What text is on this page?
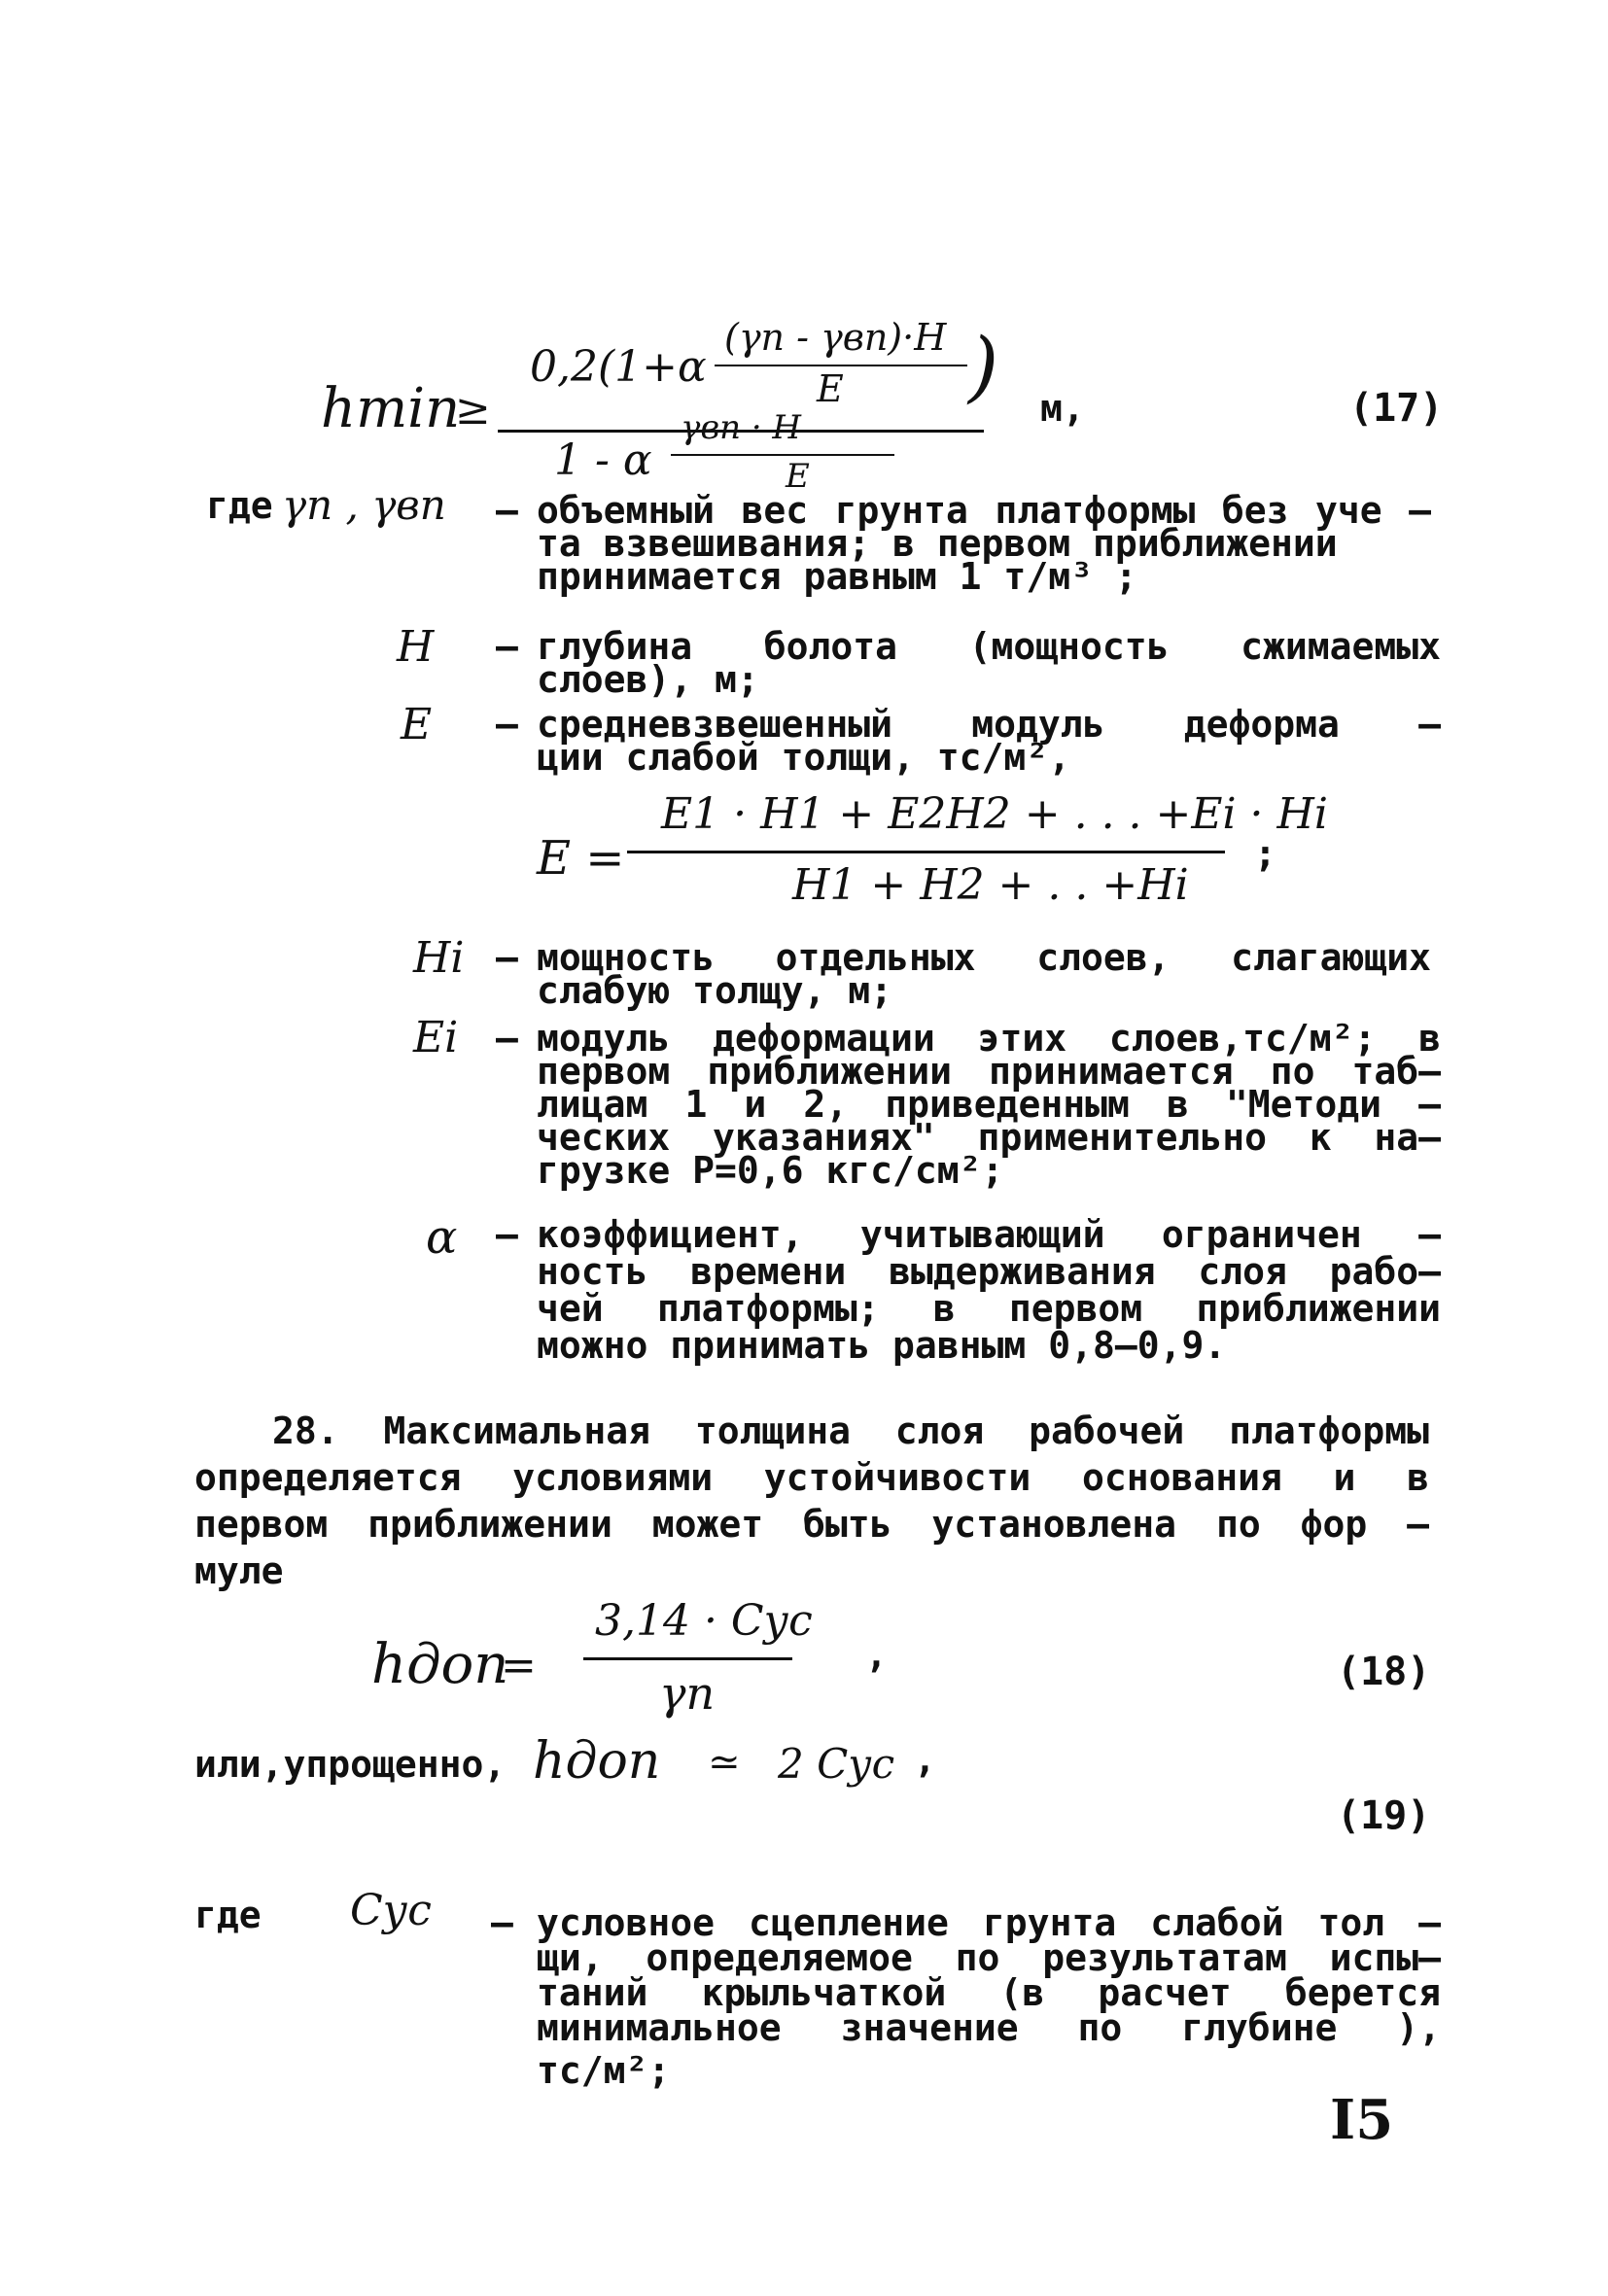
hmin
≥
0,2(1+α
(γп - γвп)·H
E )
1 - α
γвп · H
E
м,	(17)
где γп , γвп – объемный вес грунта платформы без уче –
та взвешивания; в первом приближении
принимается равным 1 т/м³ ;
H – глубина болота (мощность сжимаемых
слоев), м;
E – средневзвешенный модуль деформа –
ции слабой толщи, тс/м²,
E =
E1 · H1 + E2H2 + . . . +Ei · Hi
H1 + H2 + . . +Hi
;
Hi – мощность отдельных слоев, слагающих
слабую толщу, м;
Ei – модуль деформации этих слоев,тс/м²; в
первом приближении принимается по таб–
лицам 1 и 2, приведенным в "Методи –
ческих указаниях" применительно к на–
грузке P=0,6 кгс/см²;
α – коэффициент, учитывающий ограничен –
ность времени выдерживания слоя рабо–
чей платформы; в первом приближении
можно принимать равным 0,8–0,9.
28. Максимальная толщина слоя рабочей платформы
определяется условиями устойчивости основания и в
первом приближении может быть установлена по фор –
муле
hдоп
=
3,14 · Cус
γп
,	(18)
или,упрощенно, hдоп ≃ 2 Cус ,
(19)
где Cус – условное сцепление грунта слабой тол –
щи, определяемое по результатам испы–
таний крыльчаткой (в расчет берется
минимальное значение по глубине ),
тс/м²;
I5
